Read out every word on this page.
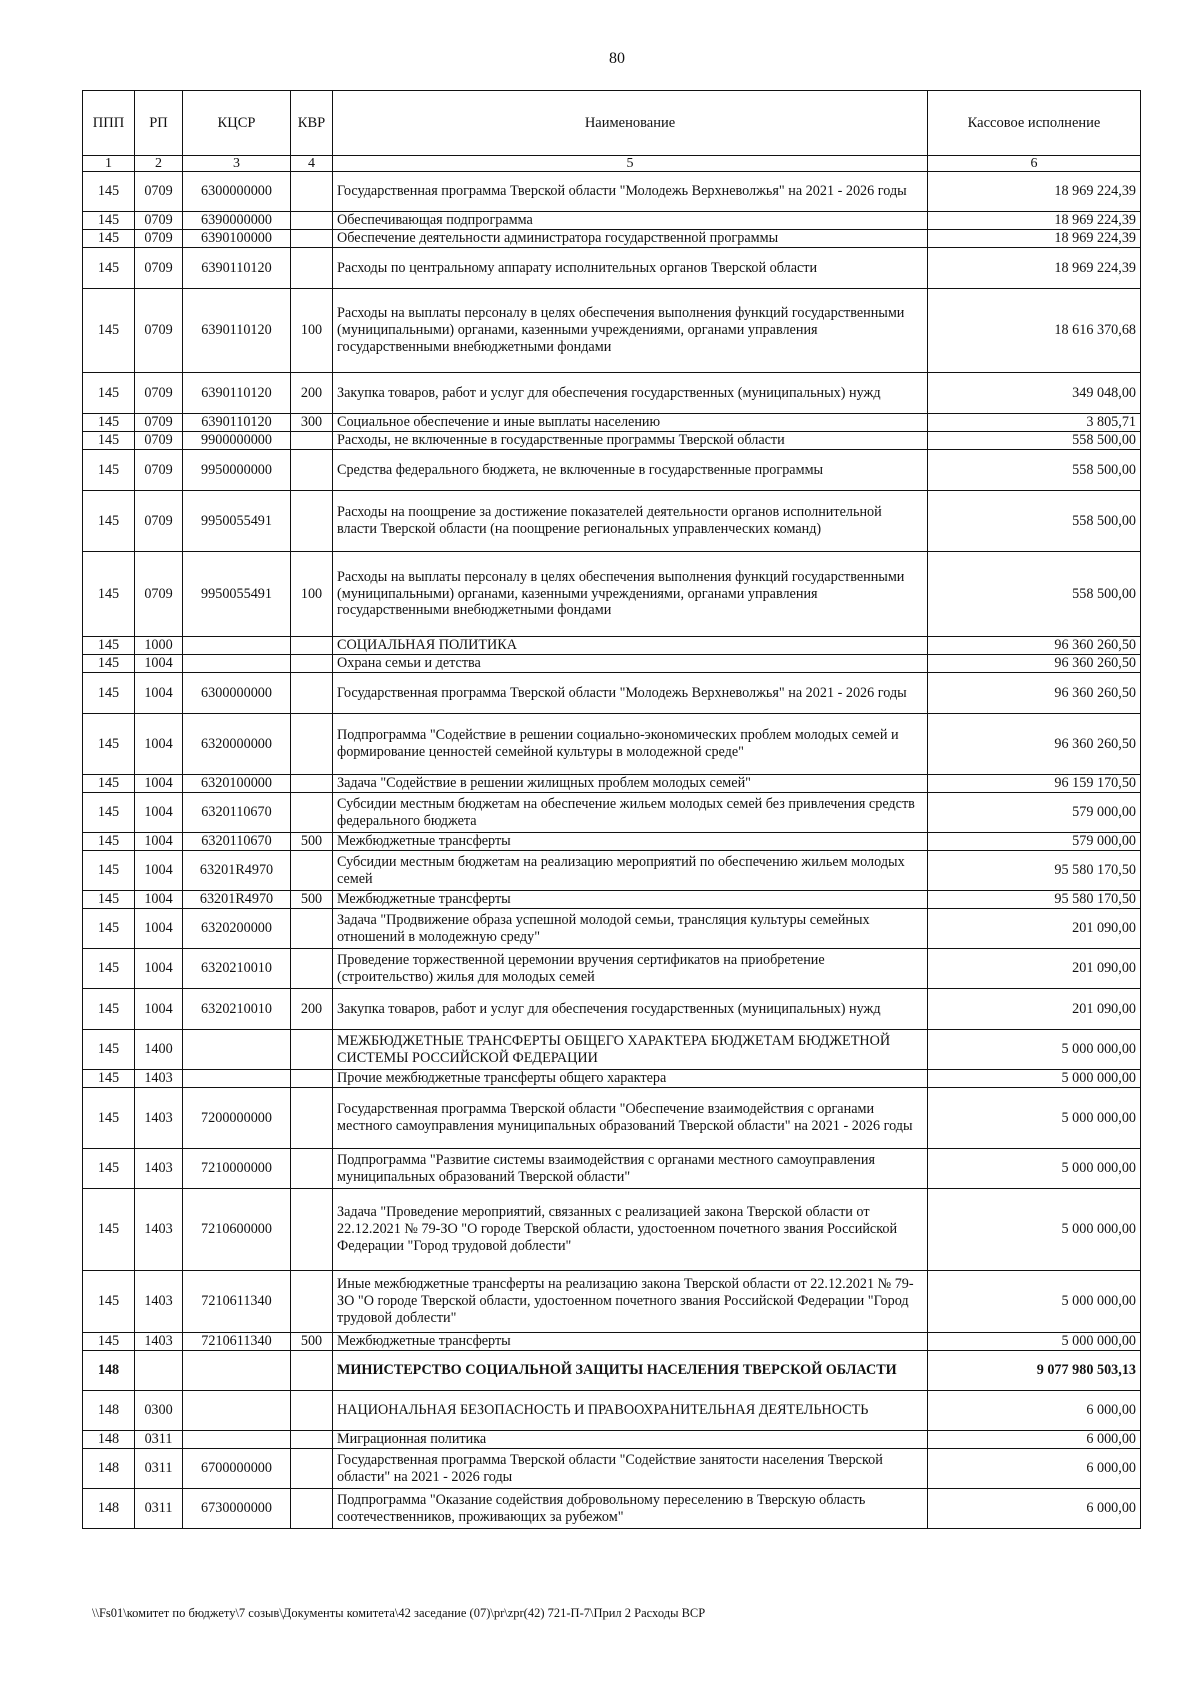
80
ППП	РП	КЦСР	КВР	Наименование	Кассовое исполнение
1	2	3	4	5	6
145	0709	6300000000		Государственная программа Тверской области "Молодежь Верхневолжья" на 2021 - 2026 годы	18 969 224,39
145	0709	6390000000		Обеспечивающая подпрограмма	18 969 224,39
145	0709	6390100000		Обеспечение деятельности администратора государственной программы	18 969 224,39
145	0709	6390110120		Расходы по центральному аппарату исполнительных органов Тверской области	18 969 224,39
145	0709	6390110120	100	Расходы на выплаты персоналу в целях обеспечения выполнения функций государственными (муниципальными) органами, казенными учреждениями, органами управления государственными внебюджетными фондами	18 616 370,68
145	0709	6390110120	200	Закупка товаров, работ и услуг для обеспечения государственных (муниципальных) нужд	349 048,00
145	0709	6390110120	300	Социальное обеспечение и иные выплаты населению	3 805,71
145	0709	9900000000		Расходы, не включенные в государственные программы Тверской области	558 500,00
145	0709	9950000000		Средства федерального бюджета, не включенные в государственные программы	558 500,00
145	0709	9950055491		Расходы на поощрение за достижение показателей деятельности органов исполнительной власти Тверской области (на поощрение региональных управленческих команд)	558 500,00
145	0709	9950055491	100	Расходы на выплаты персоналу в целях обеспечения выполнения функций государственными (муниципальными) органами, казенными учреждениями, органами управления государственными внебюджетными фондами	558 500,00
145	1000			СОЦИАЛЬНАЯ ПОЛИТИКА	96 360 260,50
145	1004			Охрана семьи и детства	96 360 260,50
145	1004	6300000000		Государственная программа Тверской области "Молодежь Верхневолжья" на 2021 - 2026 годы	96 360 260,50
145	1004	6320000000		Подпрограмма "Содействие в решении социально-экономических проблем молодых семей и формирование ценностей семейной культуры в молодежной среде"	96 360 260,50
145	1004	6320100000		Задача "Содействие в решении жилищных проблем молодых семей"	96 159 170,50
145	1004	6320110670		Субсидии местным бюджетам на обеспечение жильем молодых семей без привлечения средств федерального бюджета	579 000,00
145	1004	6320110670	500	Межбюджетные трансферты	579 000,00
145	1004	63201R4970		Субсидии местным бюджетам на реализацию мероприятий по обеспечению жильем молодых семей	95 580 170,50
145	1004	63201R4970	500	Межбюджетные трансферты	95 580 170,50
145	1004	6320200000		Задача "Продвижение образа успешной молодой семьи, трансляция культуры семейных отношений в молодежную среду"	201 090,00
145	1004	6320210010		Проведение торжественной церемонии вручения сертификатов на приобретение (строительство) жилья для молодых семей	201 090,00
145	1004	6320210010	200	Закупка товаров, работ и услуг для обеспечения государственных (муниципальных) нужд	201 090,00
145	1400			МЕЖБЮДЖЕТНЫЕ ТРАНСФЕРТЫ ОБЩЕГО ХАРАКТЕРА БЮДЖЕТАМ БЮДЖЕТНОЙ СИСТЕМЫ РОССИЙСКОЙ ФЕДЕРАЦИИ	5 000 000,00
145	1403			Прочие межбюджетные трансферты общего характера	5 000 000,00
145	1403	7200000000		Государственная программа Тверской области "Обеспечение взаимодействия с органами местного самоуправления муниципальных образований Тверской области" на 2021 - 2026 годы	5 000 000,00
145	1403	7210000000		Подпрограмма "Развитие системы взаимодействия с органами местного самоуправления муниципальных образований Тверской области"	5 000 000,00
145	1403	7210600000		Задача "Проведение мероприятий, связанных с реализацией закона Тверской области от 22.12.2021 № 79-ЗО "О городе Тверской области, удостоенном почетного звания Российской Федерации "Город трудовой доблести"	5 000 000,00
145	1403	7210611340		Иные межбюджетные трансферты на реализацию закона Тверской области от 22.12.2021 № 79-ЗО "О городе Тверской области, удостоенном почетного звания Российской Федерации "Город трудовой доблести"	5 000 000,00
145	1403	7210611340	500	Межбюджетные трансферты	5 000 000,00
148				МИНИСТЕРСТВО СОЦИАЛЬНОЙ ЗАЩИТЫ НАСЕЛЕНИЯ ТВЕРСКОЙ ОБЛАСТИ	9 077 980 503,13
148	0300			НАЦИОНАЛЬНАЯ БЕЗОПАСНОСТЬ И ПРАВООХРАНИТЕЛЬНАЯ ДЕЯТЕЛЬНОСТЬ	6 000,00
148	0311			Миграционная политика	6 000,00
148	0311	6700000000		Государственная программа Тверской области "Содействие занятости населения Тверской области" на 2021 - 2026 годы	6 000,00
148	0311	6730000000		Подпрограмма "Оказание содействия добровольному переселению в Тверскую область соотечественников, проживающих за рубежом"	6 000,00
\\Fs01\комитет по бюджету\7 созыв\Документы комитета\42 заседание (07)\pr\zpr(42) 721-П-7\Прил 2 Расходы ВСР
